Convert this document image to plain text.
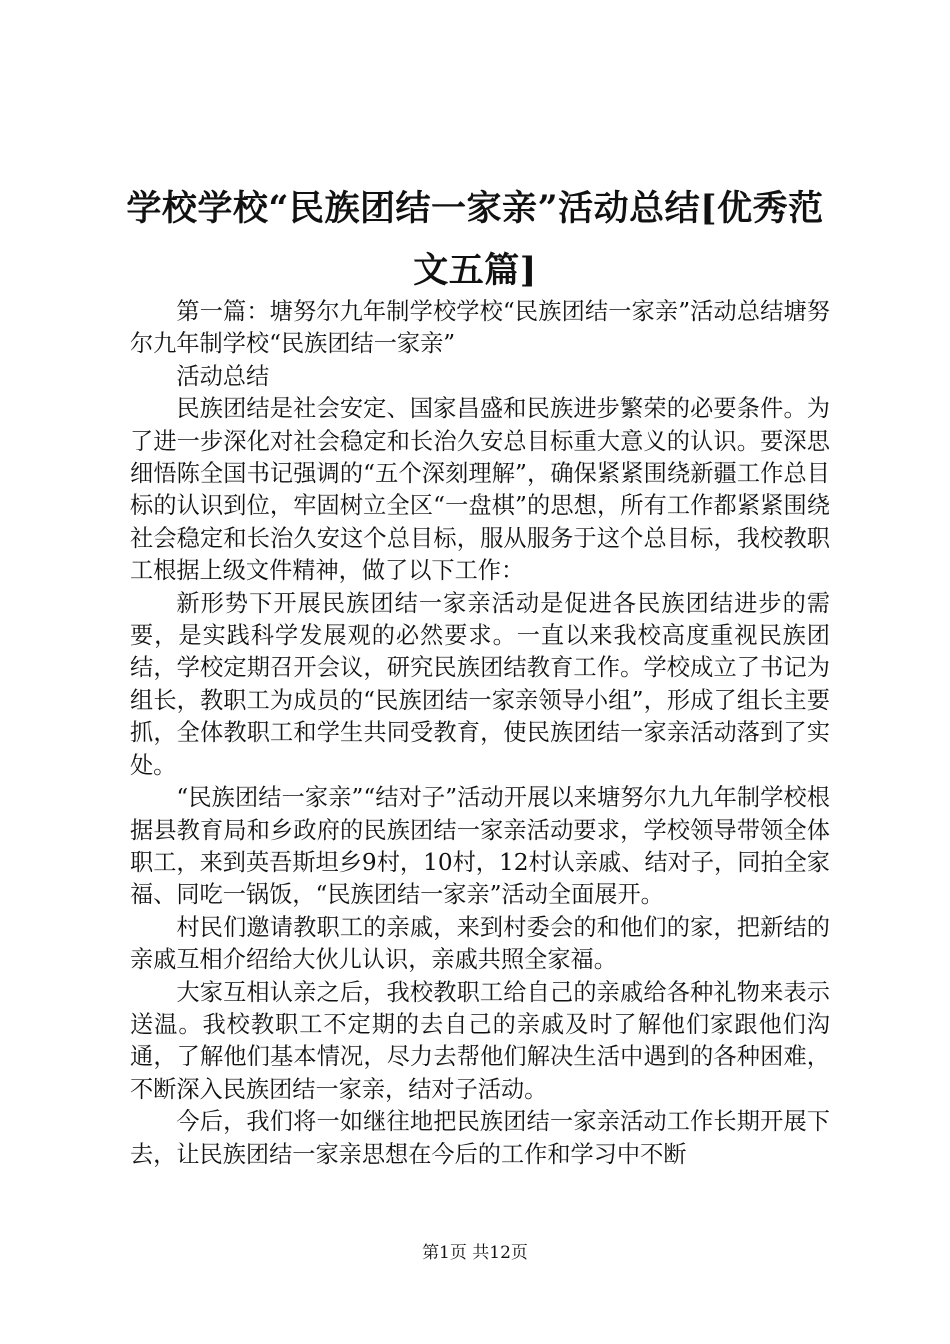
学校学校“民族团结一家亲”活动总结[优秀范文五篇]

第一篇：塘努尔九年制学校学校“民族团结一家亲”活动总结塘努尔九年制学校“民族团结一家亲”

活动总结

民族团结是社会安定、国家昌盛和民族进步繁荣的必要条件。为了进一步深化对社会稳定和长治久安总目标重大意义的认识。要深思细悟陈全国书记强调的“五个深刻理解”，确保紧紧围绕新疆工作总目标的认识到位，牢固树立全区“一盘棋”的思想，所有工作都紧紧围绕社会稳定和长治久安这个总目标，服从服务于这个总目标，我校教职工根据上级文件精神，做了以下工作：

新形势下开展民族团结一家亲活动是促进各民族团结进步的需要，是实践科学发展观的必然要求。一直以来我校高度重视民族团结，学校定期召开会议，研究民族团结教育工作。学校成立了书记为组长，教职工为成员的“民族团结一家亲领导小组”，形成了组长主要抓，全体教职工和学生共同受教育，使民族团结一家亲活动落到了实处。

“民族团结一家亲”“结对子”活动开展以来塘努尔九九年制学校根据县教育局和乡政府的民族团结一家亲活动要求，学校领导带领全体职工，来到英吾斯坦乡9村，10村，12村认亲戚、结对子，同拍全家福、同吃一锅饭，“民族团结一家亲”活动全面展开。

村民们邀请教职工的亲戚，来到村委会的和他们的家，把新结的亲戚互相介绍给大伙儿认识，亲戚共照全家福。

大家互相认亲之后，我校教职工给自己的亲戚给各种礼物来表示送温。我校教职工不定期的去自己的亲戚及时了解他们家跟他们沟通，了解他们基本情况，尽力去帮他们解决生活中遇到的各种困难，不断深入民族团结一家亲，结对子活动。

今后，我们将一如继往地把民族团结一家亲活动工作长期开展下去，让民族团结一家亲思想在今后的工作和学习中不断

第1页 共12页
